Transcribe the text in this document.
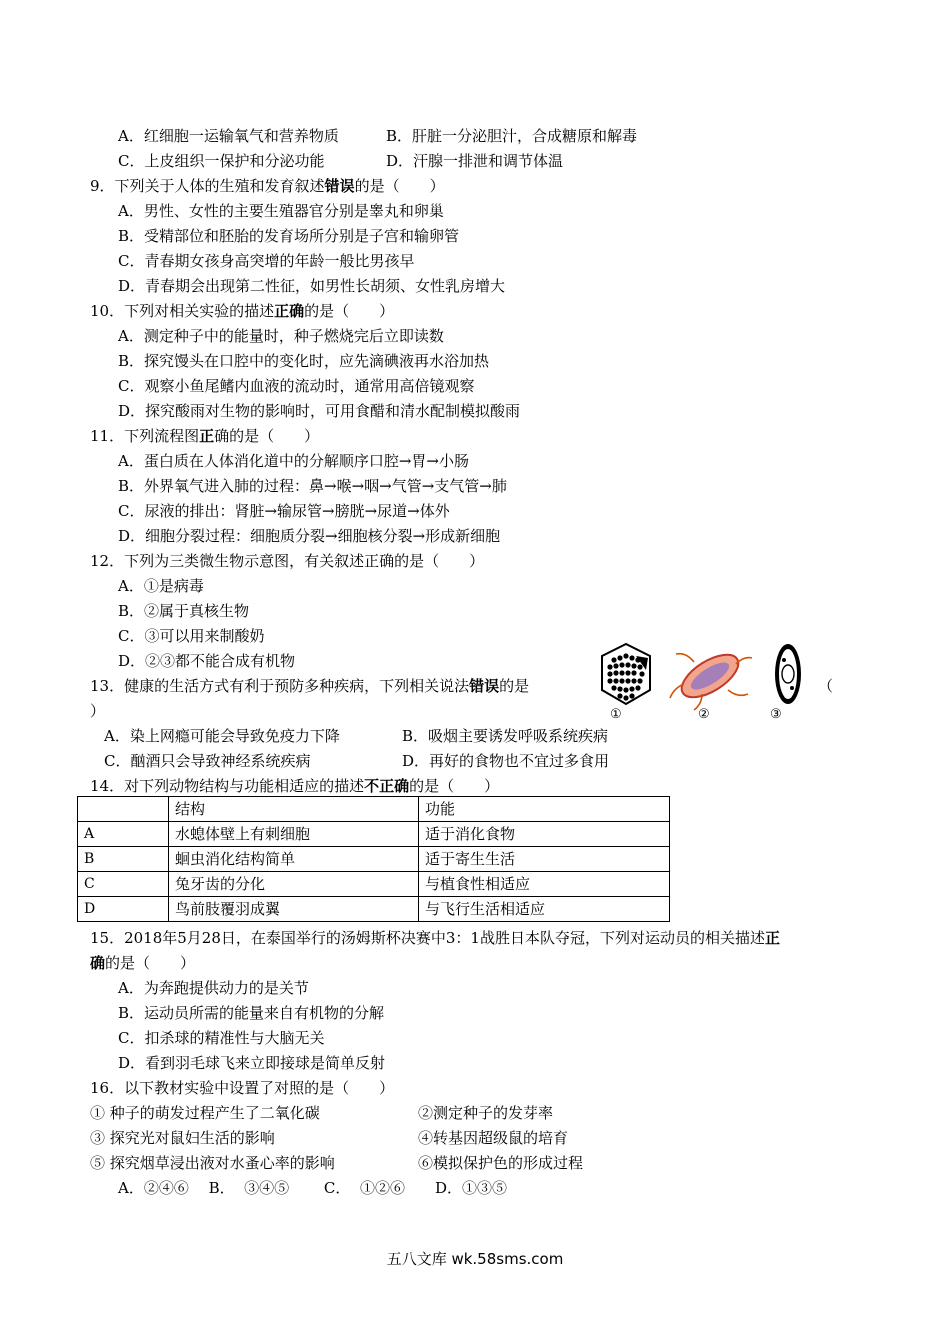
A．红细胞一运输氧气和营养物质	B．肝脏一分泌胆汁，合成糖原和解毒
C．上皮组织一保护和分泌功能	D．汗腺一排泄和调节体温
9．下列关于人体的生殖和发育叙述错误的是（　　）
A．男性、女性的主要生殖器官分别是睾丸和卵巢
B．受精部位和胚胎的发育场所分别是子宫和输卵管
C．青春期女孩身高突增的年龄一般比男孩早
D．青春期会出现第二性征，如男性长胡须、女性乳房增大
10．下列对相关实验的描述正确的是（　　）
A．测定种子中的能量时，种子燃烧完后立即读数
B．探究馒头在口腔中的变化时，应先滴碘液再水浴加热
C．观察小鱼尾鳍内血液的流动时，通常用高倍镜观察
D．探究酸雨对生物的影响时，可用食醋和清水配制模拟酸雨
11．下列流程图正确的是（　　）
A．蛋白质在人体消化道中的分解顺序口腔→胃→小肠
B．外界氧气进入肺的过程：鼻→喉→咽→气管→支气管→肺
C．尿液的排出：肾脏→输尿管→膀胱→尿道→体外
D．细胞分裂过程：细胞质分裂→细胞核分裂→形成新细胞
12．下列为三类微生物示意图，有关叙述正确的是（　　）
A．①是病毒
B．②属于真核生物
C．③可以用来制酸奶
D．②③都不能合成有机物
①	②	③
13．健康的生活方式有利于预防多种疾病，下列相关说法错误的是	（
）
A．染上网瘾可能会导致免疫力下降	B．吸烟主要诱发呼吸系统疾病
C．酗酒只会导致神经系统疾病	D．再好的食物也不宜过多食用
14．对下列动物结构与功能相适应的描述不正确的是（　　）
	结构	功能
A	水螅体壁上有刺细胞	适于消化食物
B	蛔虫消化结构简单	适于寄生生活
C	兔牙齿的分化	与植食性相适应
D	鸟前肢覆羽成翼	与飞行生活相适应
15．2018年5月28日，在泰国举行的汤姆斯杯决赛中3：1战胜日本队夺冠，下列对运动员的相关描述正
确的是（　　）
A．为奔跑提供动力的是关节
B．运动员所需的能量来自有机物的分解
C．扣杀球的精准性与大脑无关
D．看到羽毛球飞来立即接球是简单反射
16．以下教材实验中设置了对照的是（　　）
① 种子的萌发过程产生了二氧化碳	②测定种子的发芽率
③ 探究光对鼠妇生活的影响	④转基因超级鼠的培育
⑤ 探究烟草浸出液对水蚤心率的影响	⑥模拟保护色的形成过程
A．②④⑥　 B．  ③④⑤　　 C．  ①②⑥　　D．①③⑤
五八文库 wk.58sms.com
